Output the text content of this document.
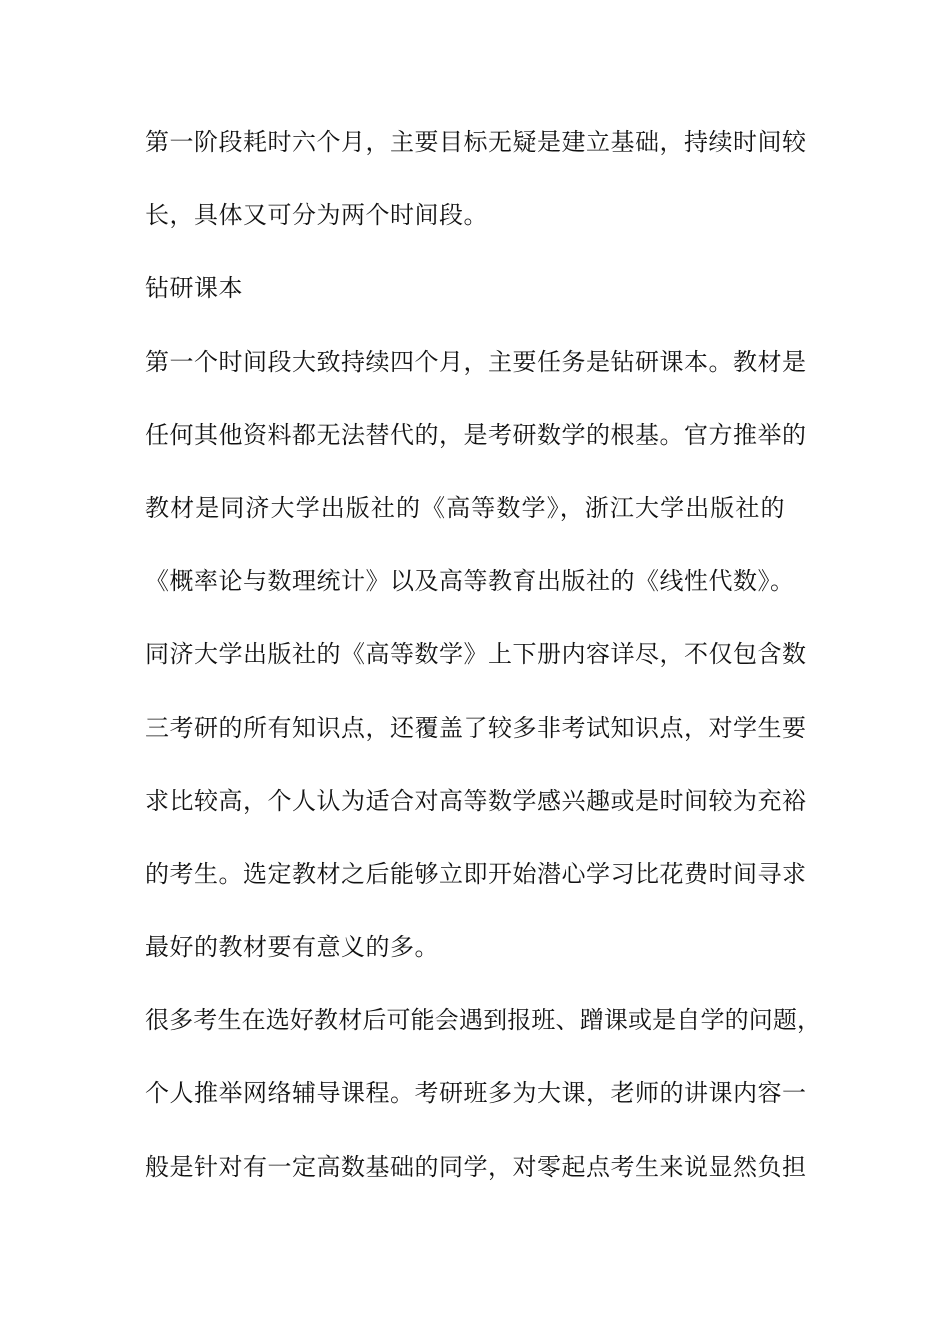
第一阶段耗时六个月，主要目标无疑是建立基础，持续时间较
长，具体又可分为两个时间段。
钻研课本
第一个时间段大致持续四个月，主要任务是钻研课本。教材是
任何其他资料都无法替代的，是考研数学的根基。官方推举的
教材是同济大学出版社的《高等数学》，浙江大学出版社的
《概率论与数理统计》以及高等教育出版社的《线性代数》。
同济大学出版社的《高等数学》上下册内容详尽，不仅包含数
三考研的所有知识点，还覆盖了较多非考试知识点，对学生要
求比较高，个人认为适合对高等数学感兴趣或是时间较为充裕
的考生。选定教材之后能够立即开始潜心学习比花费时间寻求
最好的教材要有意义的多。
很多考生在选好教材后可能会遇到报班、蹭课或是自学的问题，
个人推举网络辅导课程。考研班多为大课，老师的讲课内容一
般是针对有一定高数基础的同学，对零起点考生来说显然负担
